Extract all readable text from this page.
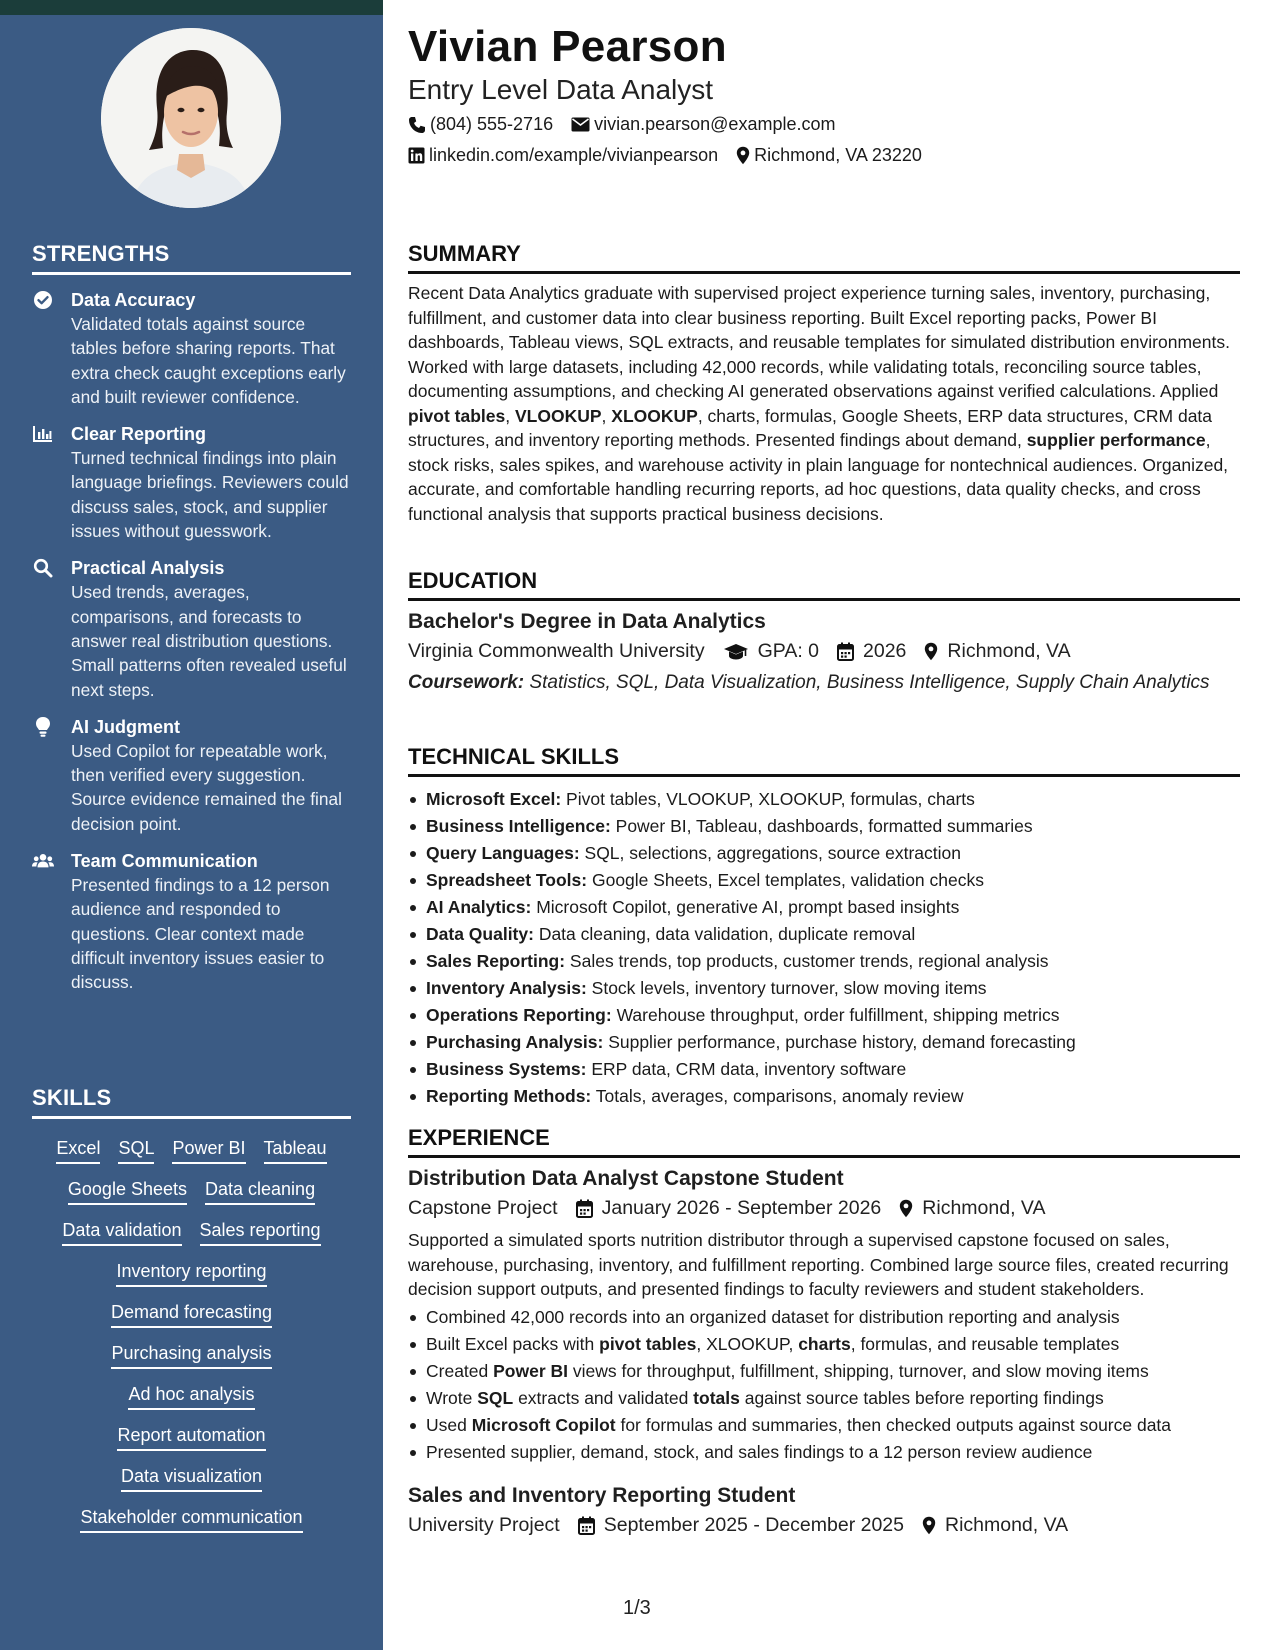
STRENGTHS
Data Accuracy
Validated totals against source tables before sharing reports. That extra check caught exceptions early and built reviewer confidence.
Clear Reporting
Turned technical findings into plain language briefings. Reviewers could discuss sales, stock, and supplier issues without guesswork.
Practical Analysis
Used trends, averages, comparisons, and forecasts to answer real distribution questions. Small patterns often revealed useful next steps.
AI Judgment
Used Copilot for repeatable work, then verified every suggestion. Source evidence remained the final decision point.
Team Communication
Presented findings to a 12 person audience and responded to questions. Clear context made difficult inventory issues easier to discuss.
SKILLS
Excel SQL Power BI Tableau
Google Sheets Data cleaning
Data validation Sales reporting
Inventory reporting
Demand forecasting
Purchasing analysis
Ad hoc analysis
Report automation
Data visualization
Stakeholder communication
Vivian Pearson
Entry Level Data Analyst
(804) 555-2716 vivian.pearson@example.com
linkedin.com/example/vivianpearson Richmond, VA 23220
SUMMARY
Recent Data Analytics graduate with supervised project experience turning sales, inventory, purchasing, fulfillment, and customer data into clear business reporting. Built Excel reporting packs, Power BI dashboards, Tableau views, SQL extracts, and reusable templates for simulated distribution environments. Worked with large datasets, including 42,000 records, while validating totals, reconciling source tables, documenting assumptions, and checking AI generated observations against verified calculations. Applied pivot tables, VLOOKUP, XLOOKUP, charts, formulas, Google Sheets, ERP data structures, CRM data structures, and inventory reporting methods. Presented findings about demand, supplier performance, stock risks, sales spikes, and warehouse activity in plain language for nontechnical audiences. Organized, accurate, and comfortable handling recurring reports, ad hoc questions, data quality checks, and cross functional analysis that supports practical business decisions.
EDUCATION
Bachelor's Degree in Data Analytics
Virginia Commonwealth University	GPA: 0 2026 Richmond, VA
Coursework: Statistics, SQL, Data Visualization, Business Intelligence, Supply Chain Analytics
TECHNICAL SKILLS
Microsoft Excel: Pivot tables, VLOOKUP, XLOOKUP, formulas, charts
Business Intelligence: Power BI, Tableau, dashboards, formatted summaries
Query Languages: SQL, selections, aggregations, source extraction
Spreadsheet Tools: Google Sheets, Excel templates, validation checks
AI Analytics: Microsoft Copilot, generative AI, prompt based insights
Data Quality: Data cleaning, data validation, duplicate removal
Sales Reporting: Sales trends, top products, customer trends, regional analysis
Inventory Analysis: Stock levels, inventory turnover, slow moving items
Operations Reporting: Warehouse throughput, order fulfillment, shipping metrics
Purchasing Analysis: Supplier performance, purchase history, demand forecasting
Business Systems: ERP data, CRM data, inventory software
Reporting Methods: Totals, averages, comparisons, anomaly review
EXPERIENCE
Distribution Data Analyst Capstone Student
Capstone Project January 2026 - September 2026 Richmond, VA
Supported a simulated sports nutrition distributor through a supervised capstone focused on sales, warehouse, purchasing, inventory, and fulfillment reporting. Combined large source files, created recurring decision support outputs, and presented findings to faculty reviewers and student stakeholders.
Combined 42,000 records into an organized dataset for distribution reporting and analysis
Built Excel packs with pivot tables, XLOOKUP, charts, formulas, and reusable templates
Created Power BI views for throughput, fulfillment, shipping, turnover, and slow moving items
Wrote SQL extracts and validated totals against source tables before reporting findings
Used Microsoft Copilot for formulas and summaries, then checked outputs against source data
Presented supplier, demand, stock, and sales findings to a 12 person review audience
Sales and Inventory Reporting Student
University Project September 2025 - December 2025 Richmond, VA
1/3
